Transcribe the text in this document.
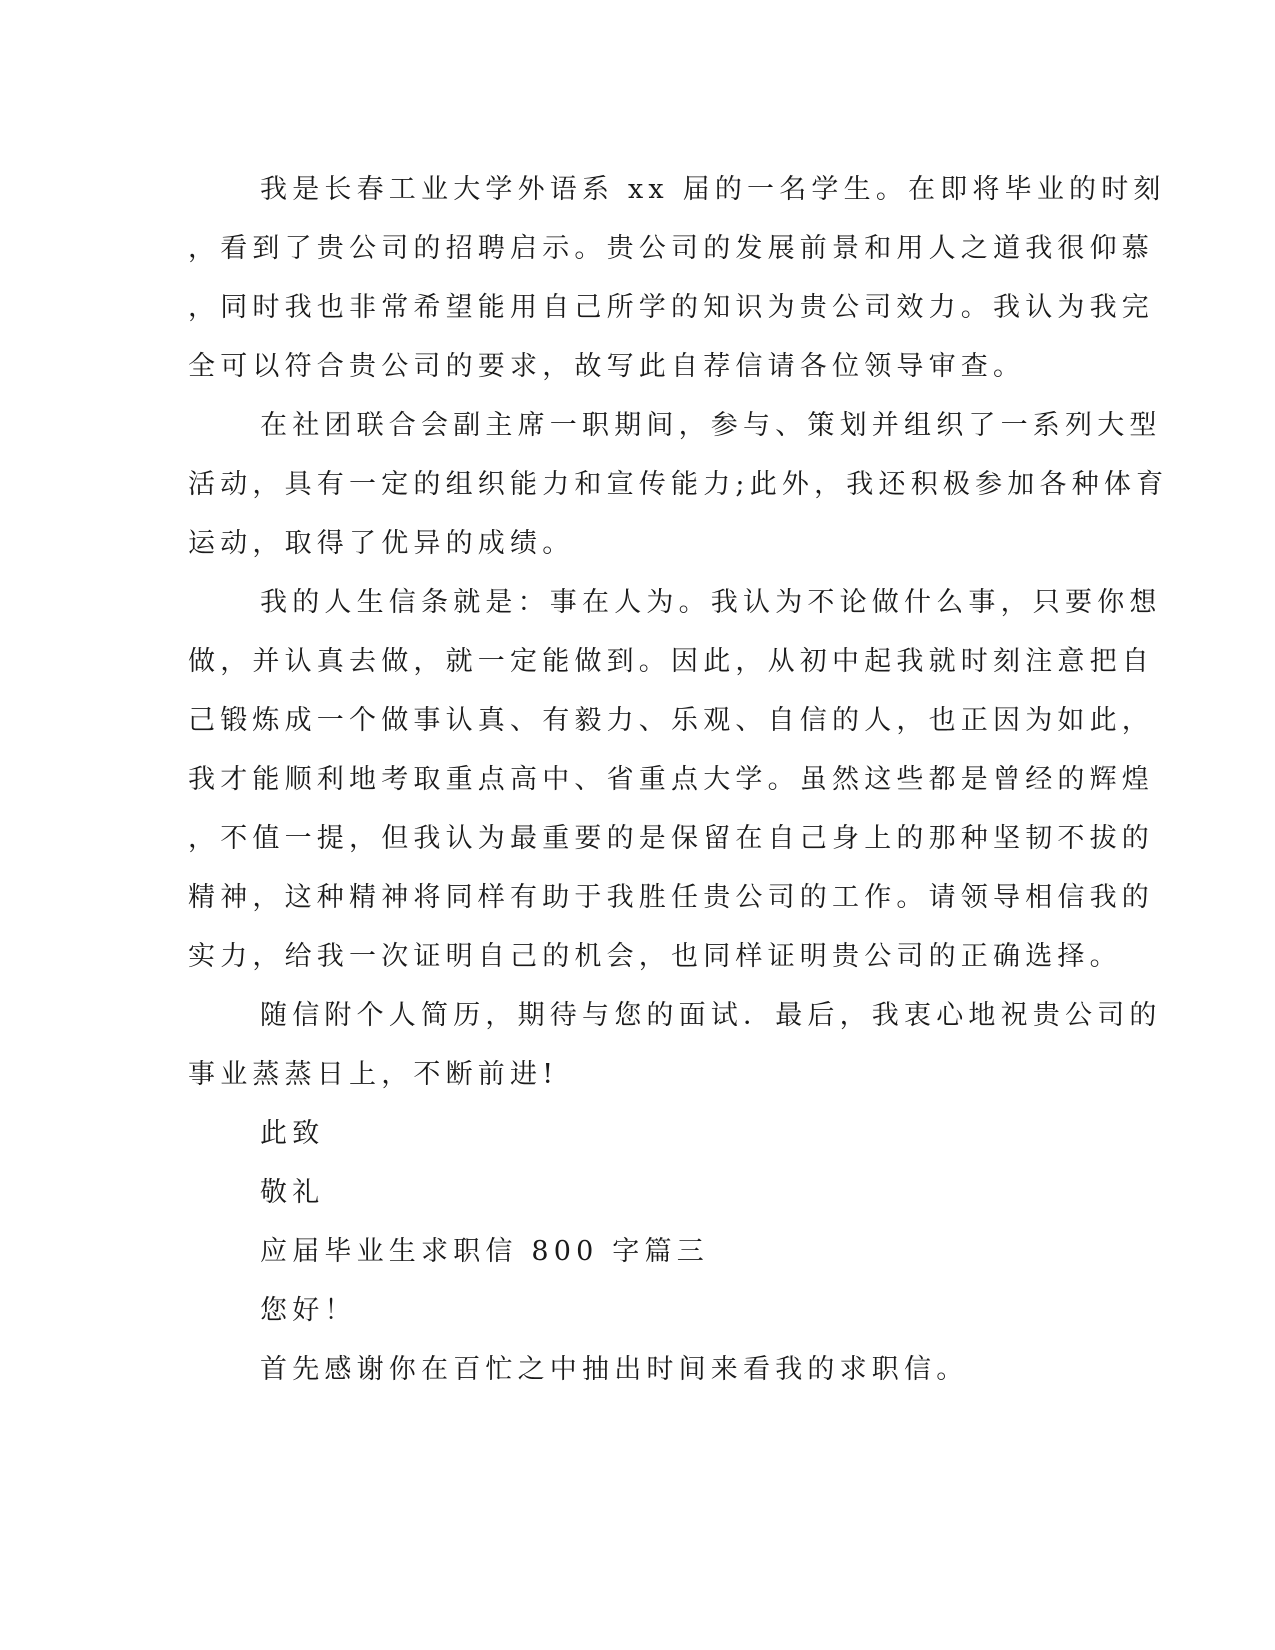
我是长春工业大学外语系 xx 届的一名学生。在即将毕业的时刻
，看到了贵公司的招聘启示。贵公司的发展前景和用人之道我很仰慕
，同时我也非常希望能用自己所学的知识为贵公司效力。我认为我完
全可以符合贵公司的要求，故写此自荐信请各位领导审查。
在社团联合会副主席一职期间，参与、策划并组织了一系列大型
活动，具有一定的组织能力和宣传能力;此外，我还积极参加各种体育
运动，取得了优异的成绩。
我的人生信条就是：事在人为。我认为不论做什么事，只要你想
做，并认真去做，就一定能做到。因此，从初中起我就时刻注意把自
己锻炼成一个做事认真、有毅力、乐观、自信的人，也正因为如此，
我才能顺利地考取重点高中、省重点大学。虽然这些都是曾经的辉煌
，不值一提，但我认为最重要的是保留在自己身上的那种坚韧不拔的
精神，这种精神将同样有助于我胜任贵公司的工作。请领导相信我的
实力，给我一次证明自己的机会，也同样证明贵公司的正确选择。
随信附个人简历，期待与您的面试．最后，我衷心地祝贵公司的
事业蒸蒸日上，不断前进!
此致
敬礼
应届毕业生求职信 800 字篇三
您好！
首先感谢你在百忙之中抽出时间来看我的求职信。
